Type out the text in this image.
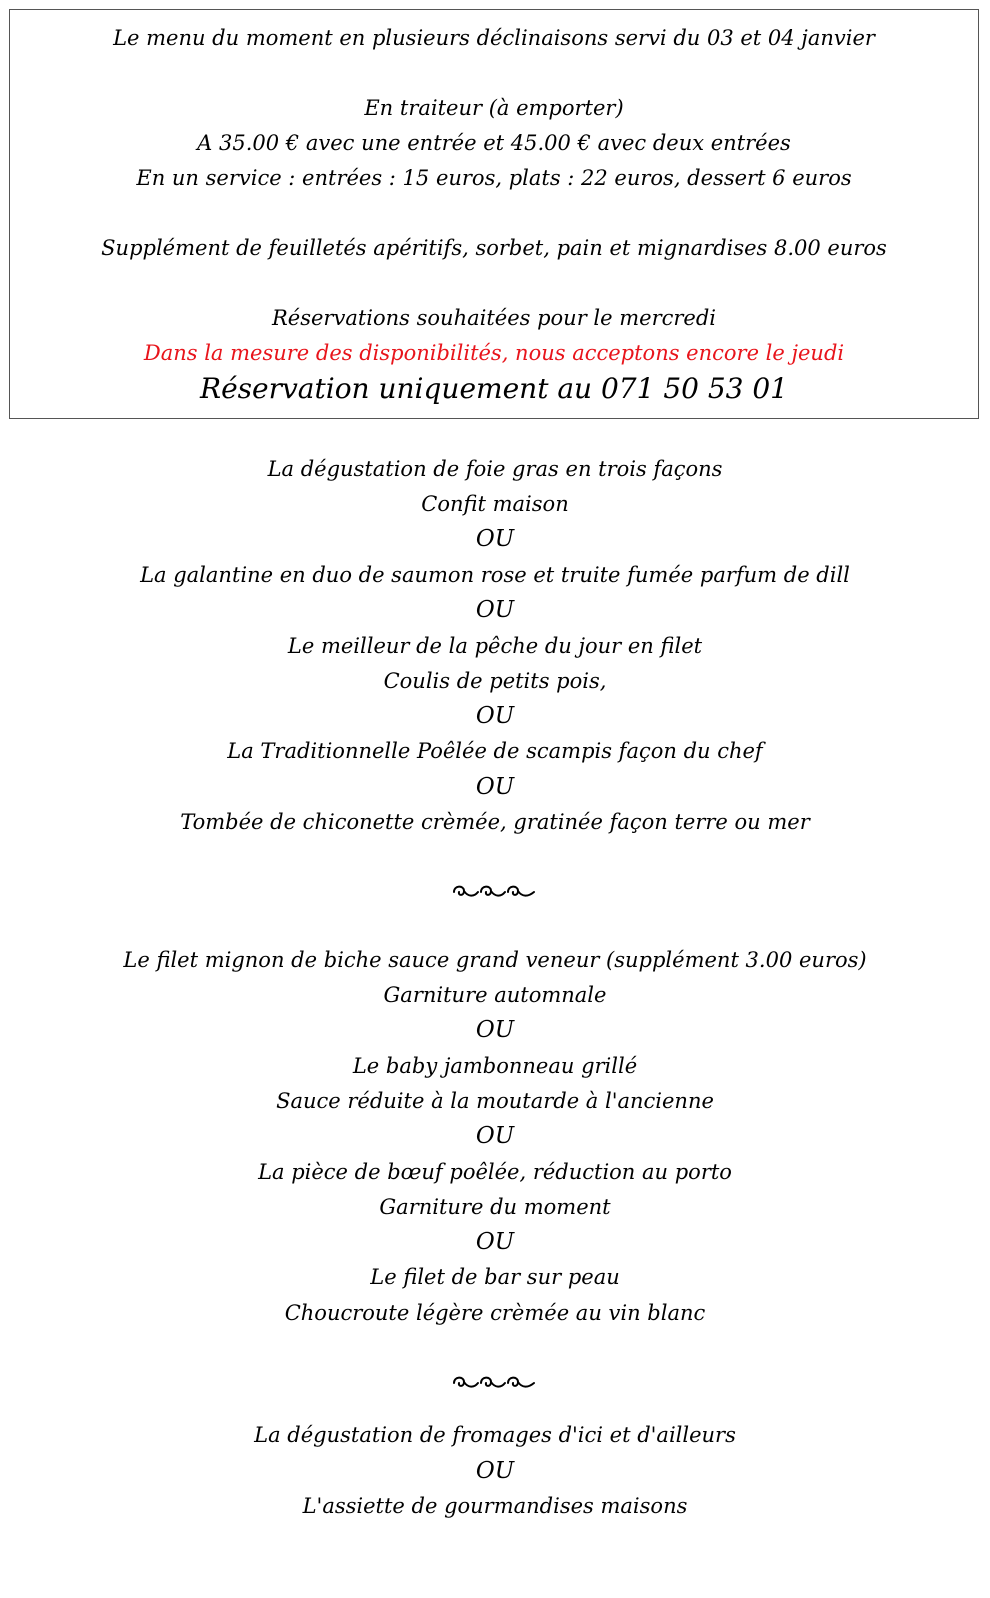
Le menu du moment en plusieurs déclinaisons servi du 03 et 04 janvier
En traiteur (à emporter)
A 35.00 € avec une entrée et 45.00 € avec deux entrées
En un service : entrées : 15 euros, plats : 22 euros, dessert 6 euros
Supplément de feuilletés apéritifs, sorbet, pain et mignardises 8.00 euros
Réservations souhaitées pour le mercredi
Dans la mesure des disponibilités, nous acceptons encore le jeudi
Réservation uniquement au 071 50 53 01
La dégustation de foie gras en trois façons
Confit maison
OU
La galantine en duo de saumon rose et truite fumée parfum de dill
OU
Le meilleur de la pêche du jour en filet
Coulis de petits pois,
OU
La Traditionnelle Poêlée de scampis façon du chef
OU
Tombée de chiconette crèmée, gratinée façon terre ou mer
Le filet mignon de biche sauce grand veneur (supplément 3.00 euros)
Garniture automnale
OU
Le baby jambonneau grillé
Sauce réduite à la moutarde à l'ancienne
OU
La pièce de bœuf poêlée, réduction au porto
Garniture du moment
OU
Le filet de bar sur peau
Choucroute légère crèmée au vin blanc
La dégustation de fromages d'ici et d'ailleurs
OU
L'assiette de gourmandises maisons
